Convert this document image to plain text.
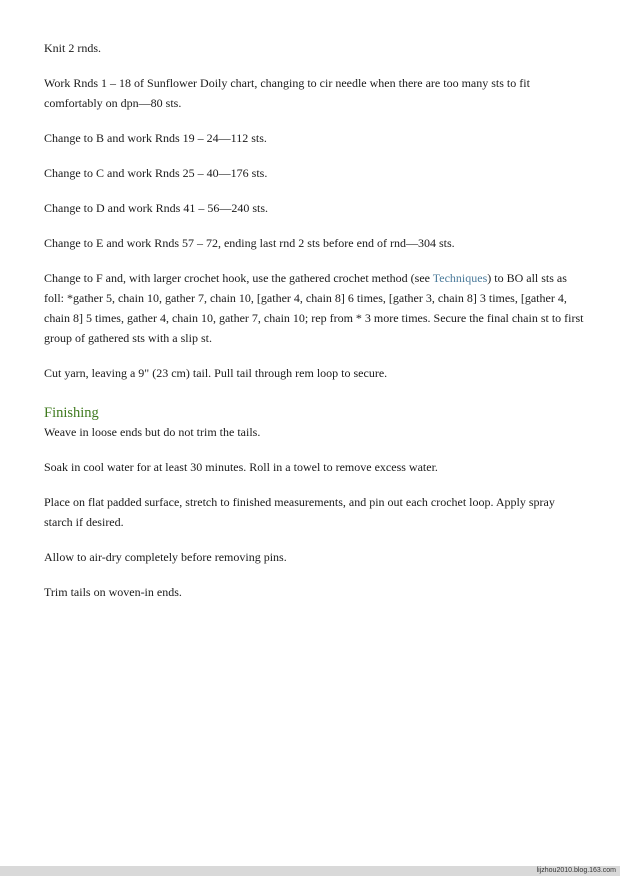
Knit 2 rnds.

Work Rnds 1 – 18 of Sunflower Doily chart, changing to cir needle when there are too many sts to fit comfortably on dpn—80 sts.

Change to B and work Rnds 19 – 24—112 sts.

Change to C and work Rnds 25 – 40—176 sts.

Change to D and work Rnds 41 – 56—240 sts.

Change to E and work Rnds 57 – 72, ending last rnd 2 sts before end of rnd—304 sts.

Change to F and, with larger crochet hook, use the gathered crochet method (see Techniques) to BO all sts as foll: *gather 5, chain 10, gather 7, chain 10, [gather 4, chain 8] 6 times, [gather 3, chain 8] 3 times, [gather 4, chain 8] 5 times, gather 4, chain 10, gather 7, chain 10; rep from * 3 more times. Secure the final chain st to first group of gathered sts with a slip st.

Cut yarn, leaving a 9" (23 cm) tail. Pull tail through rem loop to secure.

Finishing

Weave in loose ends but do not trim the tails.

Soak in cool water for at least 30 minutes. Roll in a towel to remove excess water.

Place on flat padded surface, stretch to finished measurements, and pin out each crochet loop. Apply spray starch if desired.

Allow to air-dry completely before removing pins.

Trim tails on woven-in ends.

lijzhou2010.blog.163.com
